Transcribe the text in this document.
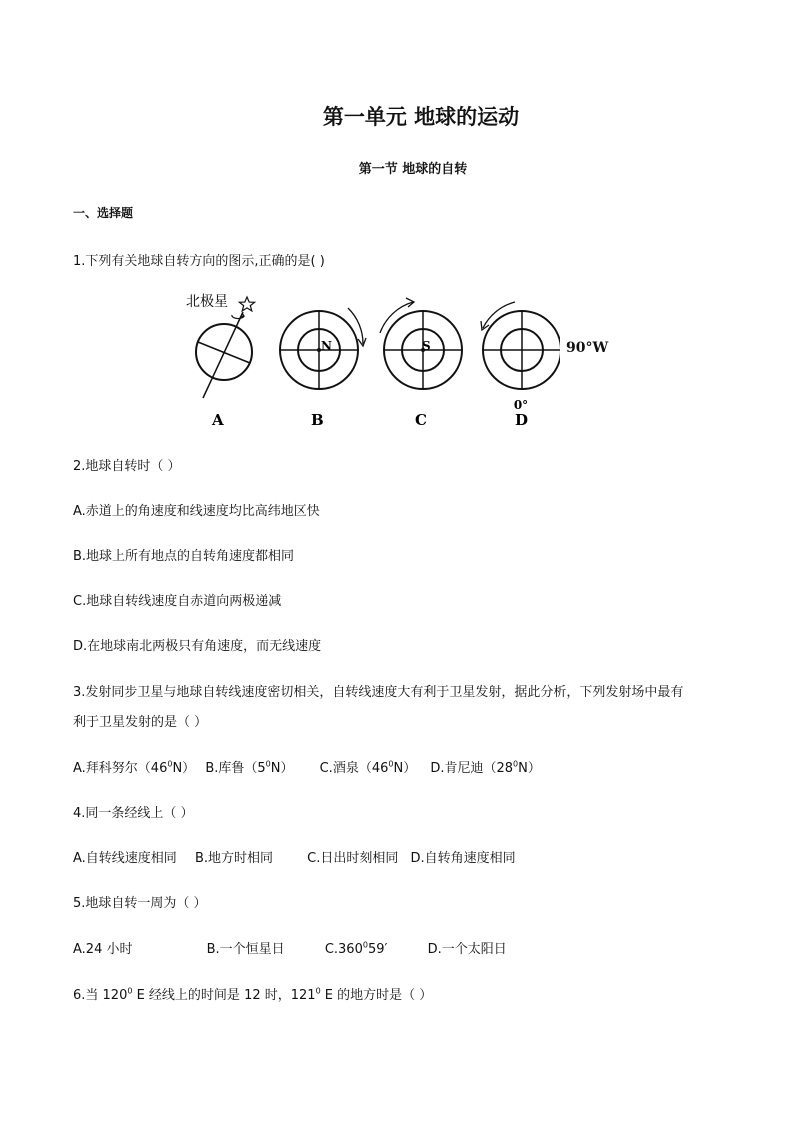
第一单元 地球的运动
第一节 地球的自转
一、选择题
1.下列有关地球自转方向的图示,正确的是( )
北极星
A
N
B
S
C
0°
D
90°W
2.地球自转时（ ）
A.赤道上的角速度和线速度均比高纬地区快
B.地球上所有地点的自转角速度都相同
C.地球自转线速度自赤道向两极递减
D.在地球南北两极只有角速度，而无线速度
3.发射同步卫星与地球自转线速度密切相关，自转线速度大有利于卫星发射，据此分析，下列发射场中最有
利于卫星发射的是（ ）
A.拜科努尔$(46^0N)$ B.库鲁$(5^0N)$ C.酒泉$(46^0N)$ D.肯尼迪$(28^0N)$
4.同一条经线上（ ）
A.自转线速度相同 B.地方时相同	C.日出时刻相同 D.自转角速度相同
5.地球自转一周为（ ）
A.24 小时	B.一个恒星日	C.360$^0$59′	D.一个太阳日
6.当 $120^0$ E 经线上的时间是 12 时，$121^0$ E 的地方时是（ ）
